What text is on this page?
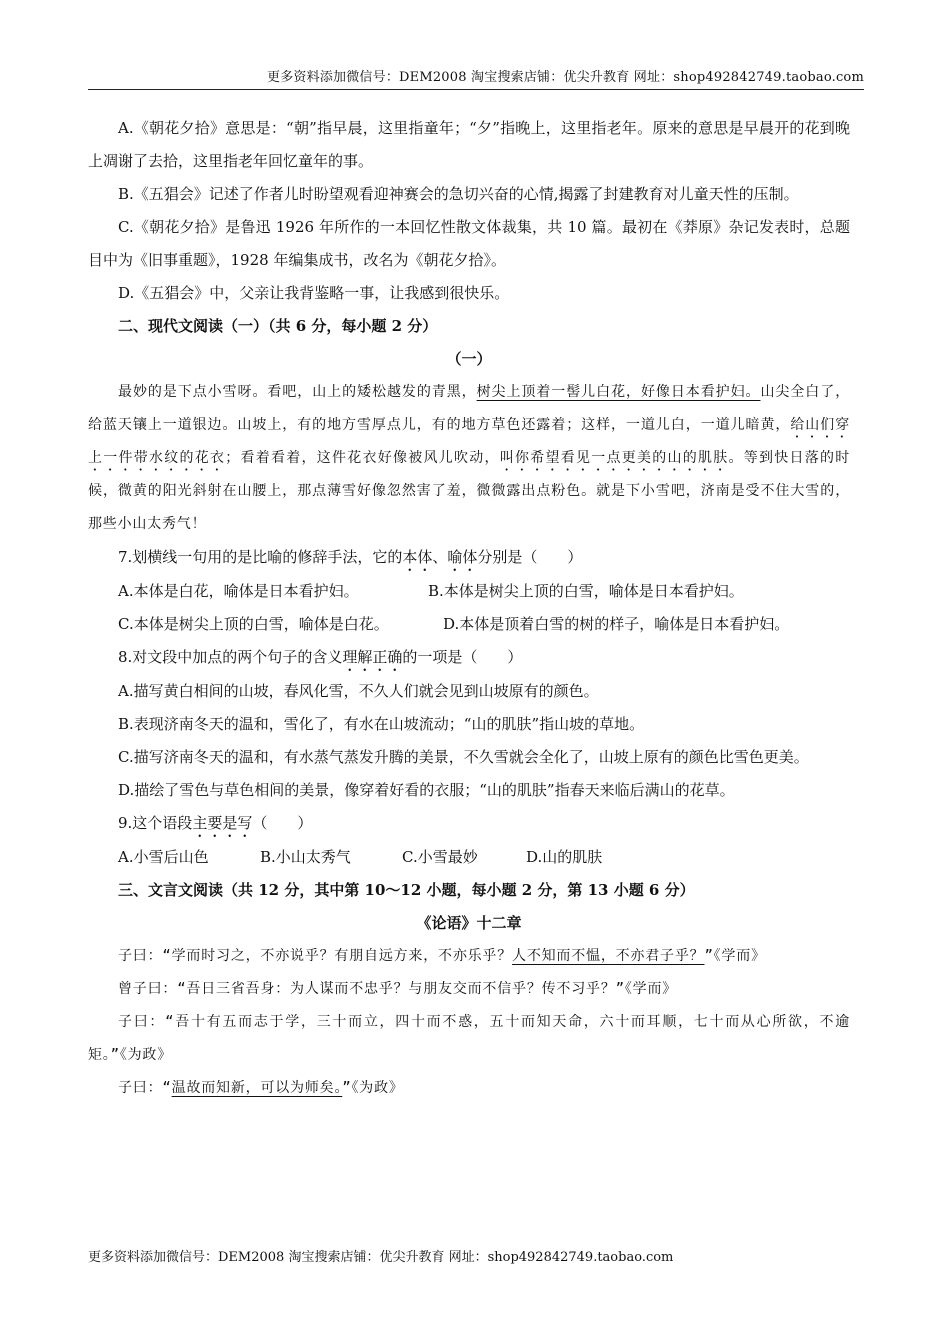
更多资料添加微信号：DEM2008 淘宝搜索店铺：优尖升教育 网址：shop492842749.taobao.com

A.《朝花夕拾》意思是：“朝”指早晨，这里指童年；“夕”指晚上，这里指老年。原来的意思是早晨开的花到晚上凋谢了去拾，这里指老年回忆童年的事。

B.《五猖会》记述了作者儿时盼望观看迎神赛会的急切兴奋的心情,揭露了封建教育对儿童天性的压制。

C.《朝花夕拾》是鲁迅 1926 年所作的一本回忆性散文体裁集，共 10 篇。最初在《莽原》杂记发表时，总题目中为《旧事重题》，1928 年编集成书，改名为《朝花夕拾》。

D.《五猖会》中，父亲让我背鉴略一事，让我感到很快乐。

二、现代文阅读（一）（共 6 分，每小题 2 分）

（一）

最妙的是下点小雪呀。看吧，山上的矮松越发的青黑，树尖上顶着一髻儿白花，好像日本看护妇。山尖全白了，给蓝天镶上一道银边。山坡上，有的地方雪厚点儿，有的地方草色还露着；这样，一道儿白，一道儿暗黄，给山们穿上一件带水纹的花衣；看着看着，这件花衣好像被风儿吹动，叫你希望看见一点更美的山的肌肤。等到快日落的时候，微黄的阳光斜射在山腰上，那点薄雪好像忽然害了羞，微微露出点粉色。就是下小雪吧，济南是受不住大雪的，那些小山太秀气！

7.划横线一句用的是比喻的修辞手法，它的本体、喻体分别是（　　）

A.本体是白花，喻体是日本看护妇。	B.本体是树尖上顶的白雪，喻体是日本看护妇。

C.本体是树尖上顶的白雪，喻体是白花。	D.本体是顶着白雪的树的样子，喻体是日本看护妇。

8.对文段中加点的两个句子的含义理解正确的一项是（　　）

A.描写黄白相间的山坡，春风化雪，不久人们就会见到山坡原有的颜色。

B.表现济南冬天的温和，雪化了，有水在山坡流动；“山的肌肤”指山坡的草地。

C.描写济南冬天的温和，有水蒸气蒸发升腾的美景，不久雪就会全化了，山坡上原有的颜色比雪色更美。

D.描绘了雪色与草色相间的美景，像穿着好看的衣服；“山的肌肤”指春天来临后满山的花草。

9.这个语段主要是写（　　）

A.小雪后山色	B.小山太秀气	C.小雪最妙	D.山的肌肤

三、文言文阅读（共 12 分，其中第 10～12 小题，每小题 2 分，第 13 小题 6 分）

《论语》十二章

子曰：“学而时习之，不亦说乎？有朋自远方来，不亦乐乎？人不知而不愠，不亦君子乎？”《学而》

曾子曰：“吾日三省吾身：为人谋而不忠乎？与朋友交而不信乎？传不习乎？”《学而》

子曰：“吾十有五而志于学，三十而立，四十而不惑，五十而知天命，六十而耳顺，七十而从心所欲，不逾矩。”《为政》

子曰：“温故而知新，可以为师矣。”《为政》

更多资料添加微信号：DEM2008 淘宝搜索店铺：优尖升教育 网址：shop492842749.taobao.com
